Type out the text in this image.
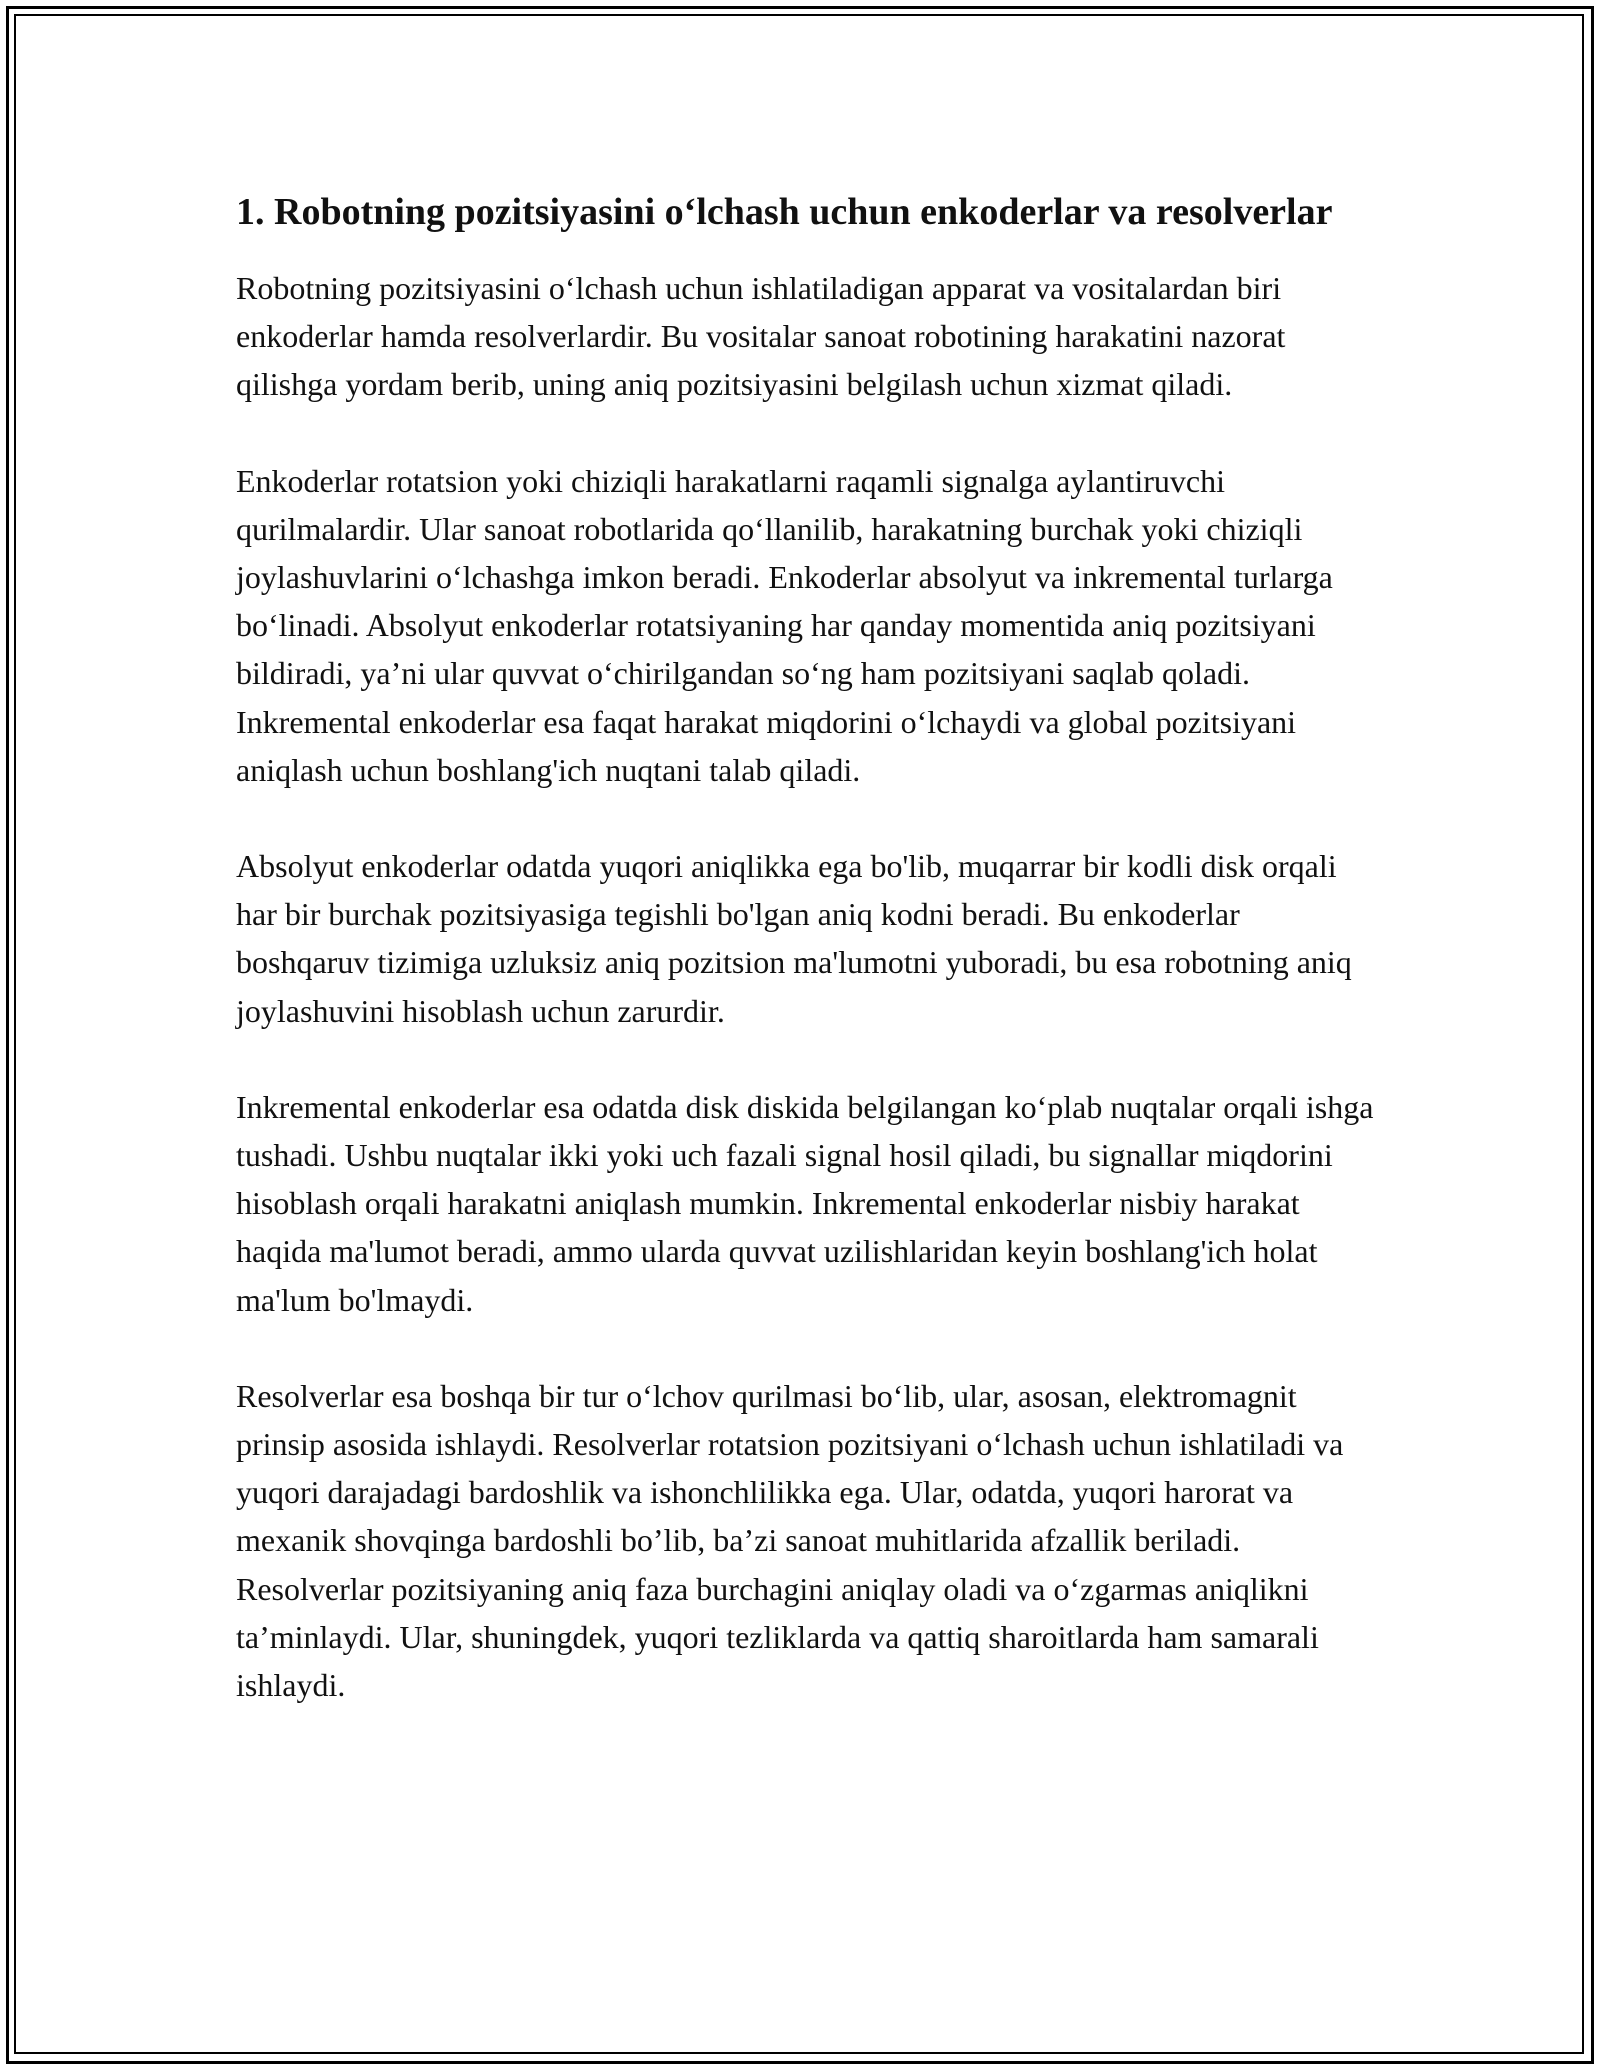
1. Robotning pozitsiyasini o‘lchash uchun enkoderlar va resolverlar

Robotning pozitsiyasini o‘lchash uchun ishlatiladigan apparat va vositalardan biri enkoderlar hamda resolverlardir. Bu vositalar sanoat robotining harakatini nazorat qilishga yordam berib, uning aniq pozitsiyasini belgilash uchun xizmat qiladi.

Enkoderlar rotatsion yoki chiziqli harakatlarni raqamli signalga aylantiruvchi qurilmalardir. Ular sanoat robotlarida qo‘llanilib, harakatning burchak yoki chiziqli joylashuvlarini o‘lchashga imkon beradi. Enkoderlar absolyut va inkremental turlarga bo‘linadi. Absolyut enkoderlar rotatsiyaning har qanday momentida aniq pozitsiyani bildiradi, ya’ni ular quvvat o‘chirilgandan so‘ng ham pozitsiyani saqlab qoladi. Inkremental enkoderlar esa faqat harakat miqdorini o‘lchaydi va global pozitsiyani aniqlash uchun boshlang'ich nuqtani talab qiladi.

Absolyut enkoderlar odatda yuqori aniqlikka ega bo'lib, muqarrar bir kodli disk orqali har bir burchak pozitsiyasiga tegishli bo'lgan aniq kodni beradi. Bu enkoderlar boshqaruv tizimiga uzluksiz aniq pozitsion ma'lumotni yuboradi, bu esa robotning aniq joylashuvini hisoblash uchun zarurdir.

Inkremental enkoderlar esa odatda disk diskida belgilangan ko‘plab nuqtalar orqali ishga tushadi. Ushbu nuqtalar ikki yoki uch fazali signal hosil qiladi, bu signallar miqdorini hisoblash orqali harakatni aniqlash mumkin. Inkremental enkoderlar nisbiy harakat haqida ma'lumot beradi, ammo ularda quvvat uzilishlaridan keyin boshlang'ich holat ma'lum bo'lmaydi.

Resolverlar esa boshqa bir tur o‘lchov qurilmasi bo‘lib, ular, asosan, elektromagnit prinsip asosida ishlaydi. Resolverlar rotatsion pozitsiyani o‘lchash uchun ishlatiladi va yuqori darajadagi bardoshlik va ishonchlilikka ega. Ular, odatda, yuqori harorat va mexanik shovqinga bardoshli bo’lib, ba’zi sanoat muhitlarida afzallik beriladi. Resolverlar pozitsiyaning aniq faza burchagini aniqlay oladi va o‘zgarmas aniqlikni ta’minlaydi. Ular, shuningdek, yuqori tezliklarda va qattiq sharoitlarda ham samarali ishlaydi.
